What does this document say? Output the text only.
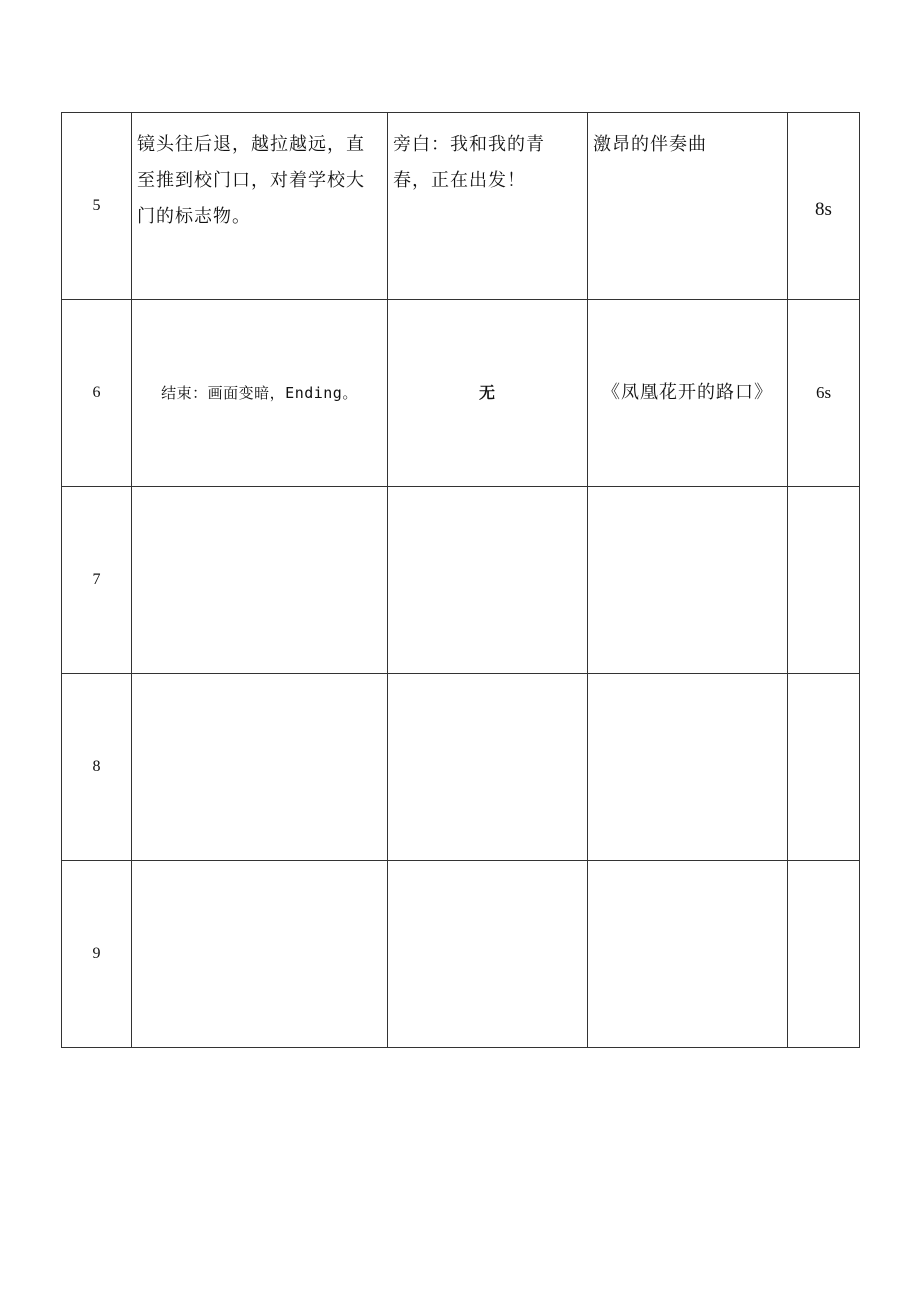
5	镜头往后退，越拉越远，直至推到校门口，对着学校大门的标志物。	旁白：我和我的青春，正在出发！	激昂的伴奏曲	8s
6	结束：画面变暗，Ending。	无	《凤凰花开的路口》	6s
7				
8				
9				
